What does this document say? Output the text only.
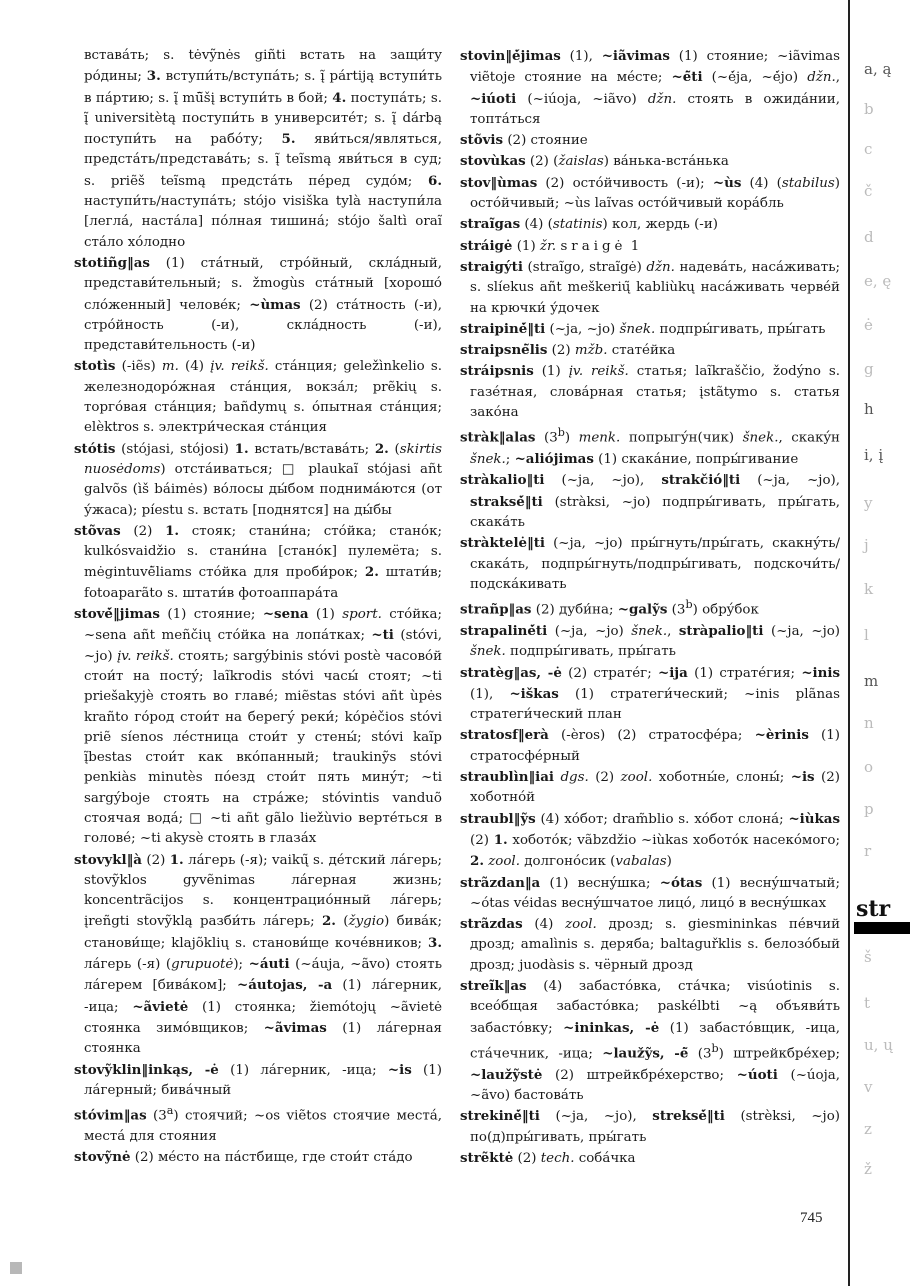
вставáть; s. tėvỹnės giñti встать на защи́ту рóдины; 3. вступи́ть/вступáть; s. į̃ pártiją вступи́ть в пáртию; s. į̃ mū̃šį вступи́ть в бой; 4. поступáть; s. į̃ universitètą поступи́ть в университéт; s. į̃ dárbą поступи́ть на рабóту; 5. яви́ться/являться, предстáть/представáть; s. į̃ teĩsmą яви́ться в суд; s. priẽš teĩsmą предстáть пéред судóм; 6. наступи́ть/наступáть; stójo visiška tylà наступи́ла [леглá, настáла] пóлная тишинá; stójo šaltì oraĩ стáло хóлодно

stotiñg‖as (1) стáтный, стрóйный, склáдный, представи́тельный; s. žmogùs стáтный [хорошó слóженный] человéк; ~ùmas (2) стáтность (-и), стрóйность (-и), склáдность (-и), представи́тельность (-и)

stotìs (-iẽs) m. (4) įv. reikš. стáнция; geležìnkelio s. железнодорóжная стáнция, вокзáл; prẽkių s. торгóвая стáнция; bañdymų s. óпытная стáнция; elèktros s. электри́ческая стáнция

stótis (stójasi, stójosi) 1. встать/вставáть; 2. (skirtis nuosėdoms) отстáиваться; □ plaukaĩ stójasi añt galvõs (ìš báimės) вóлосы ды́бом поднимáются (от у́жаса); píestu s. встать [поднятся] на ды́бы

stõvas (2) 1. стояк; стани́на; стóйка; станóк; kulkósvaidžio s. стани́на [станóк] пулемёта; s. mėgintuvė̃liams стóйка для проби́рок; 2. штати́в; fotoaparãto s. штати́в фотоаппарáта

stovė́‖jimas (1) стояние; ~sena (1) sport. стóйка; ~sena añt meñčių стóйка на лопáтках; ~ti (stóvi, ~jo) įv. reikš. стоять; sargýbinis stóvi postè часовóй стои́т на постý; laĩkrodis stóvi часы́ стоят; ~ti priešakyjè стоять во главé; miẽstas stóvi añt ùpės krañto гóрод стои́т на берегý реки́; kópėčios stóvi priẽ síenos лéстница стои́т у стены́; stóvi kaĩp į̃bestas стои́т как вкóпанный; traukinỹs stóvi penkiàs minutès пóезд стои́т пять минýт; ~ti sargýboje стоять на стрáже; stóvintis vanduõ стоячая водá; □ ~ti añt gãlo liežùvio вертéться в головé; ~ti akysè стоять в глазáх

stovykl‖à (2) 1. лáгерь (-я); vaikų̃ s. дéтский лáгерь; stovỹklos gyvẽnimas лáгерная жизнь; koncentrãcijos s. концентрациóнный лáгерь; įreñgti stovỹklą разби́ть лáгерь; 2. (žygio) бивáк; станови́ще; klajõklių s. станови́ще кочéвников; 3. лáгерь (-я) (grupuotė); ~áuti (~áuja, ~ãvo) стоять лáгерем [бивáком]; ~áutojas, -a (1) лáгерник, -ица; ~ãvietė (1) стоянка; žiemótojų ~ãvietė стоянка зимóвщиков; ~ãvimas (1) лáгерная стоянка

stovỹklin‖inkąs, -ė (1) лáгерник, -ица; ~is (1) лáгерный; бивáчный

stóvim‖as (3$^a$) стоячий; ~os viẽtos стоячие местá, местá для стояния

stovỹnė (2) мéсто на пáстбище, где стои́т стáдо

stovin‖ė́jimas (1), ~iãvimas (1) стояние; ~iãvimas viẽtoje стояние на мéсте; ~ė̃ti (~ė́ja, ~ė́jo) džn., ~iúoti (~iúoja, ~iãvo) džn. стоять в ожидáнии, топтáться

stõvis (2) стояние

stovùkas (2) (žaislas) вáнька-встáнька

stov‖ùmas (2) остóйчивость (-и); ~ùs (4) (stabilus) остóйчивый; ~ùs laĩvas остóйчивый корáбль

straĩgas (4) (statinis) кол, жердь (-и)

stráigė (1) žr. sraigė 1

straigýti (straĩgo, straĩgė) džn. надевáть, насáживать; s. slíekus añt meškerių̃ kabliùkų насáживать червéй на крючки́ у́дочек

straipinė́‖ti (~ja, ~jo) šnek. подпры́гивать, пры́гать

straipsnė̃lis (2) mžb. статéйка

stráipsnis (1) įv. reikš. статья; laĩkraščio, žodýno s. газéтная, словáрная статья; įstãtymo s. статья закóна

stràk‖alas (3$^b$) menk. попрыгýн(чик) šnek., скакýн šnek.; ~aliójimas (1) скакáние, попры́гивание

stràkalio‖ti (~ja, ~jo), strakčió‖ti (~ja, ~jo), straksė́‖ti (stràksi, ~jo) подпры́гивать, пры́гать, скакáть

stràktelė‖ti (~ja, ~jo) пры́гнуть/пры́гать, скакнýть/скакáть, подпры́гнуть/подпры́гивать, подскочи́ть/подскáкивать

strañp‖as (2) дуби́на; ~galỹs (3$^b$) обрýбок

strapalinė́ti (~ja, ~jo) šnek., stràpalio‖ti (~ja, ~jo) šnek. подпры́гивать, пры́гать

stratèg‖as, -ė (2) стратéг; ~ija (1) стратéгия; ~inis (1), ~iškas (1) стратеги́ческий; ~inis plãnas стратеги́ческий план

stratosf‖erà (-èros) (2) стратосфéра; ~èrinis (1) стратосфéрный

straublìn‖iai dgs. (2) zool. хоботны́е, слоны́; ~is (2) хоботнóй

straubl‖ỹs (4) хóбот; dram̃blio s. хóбот слонá; ~iùkas (2) 1. хоботóк; vãbzdžio ~iùkas хоботóк насекóмого; 2. zool. долгонóсик (vabalas)

strãzdan‖a (1) веснýшка; ~ótas (1) веснýшчатый; ~ótas véidas веснýшчатое лицó, лицó в веснýшках

strãzdas (4) zool. дрозд; s. giesmininkas пéвчий дрозд; amalìnis s. деряба; baltaguřklis s. белозóбый дрозд; juodàsis s. чёрный дрозд

streĩk‖as (4) забастóвка, стáчка; visúotinis s. всеóбщая забастóвка; paskélbti ~ą объяви́ть забастóвку; ~ininkas, -ė (1) забастóвщик, -ица, стáчечник, -ица; ~laužỹs, -ė̃ (3$^b$) штрейкбрéхер; ~laužỹstė (2) штрейкбрéхерство; ~úoti (~úoja, ~ãvo) бастовáть

strekinė́‖ti (~ja, ~jo), streksė́‖ti (strèksi, ~jo) по(д)пры́гивать, пры́гать

strẽktė (2) tech. собáчка

a, ą
b
c
č
d
e, ę
ė
g
h
i, į
y
j
k
l
m
n
o
p
r
š
t
u, ų
v
z
ž
str
745
